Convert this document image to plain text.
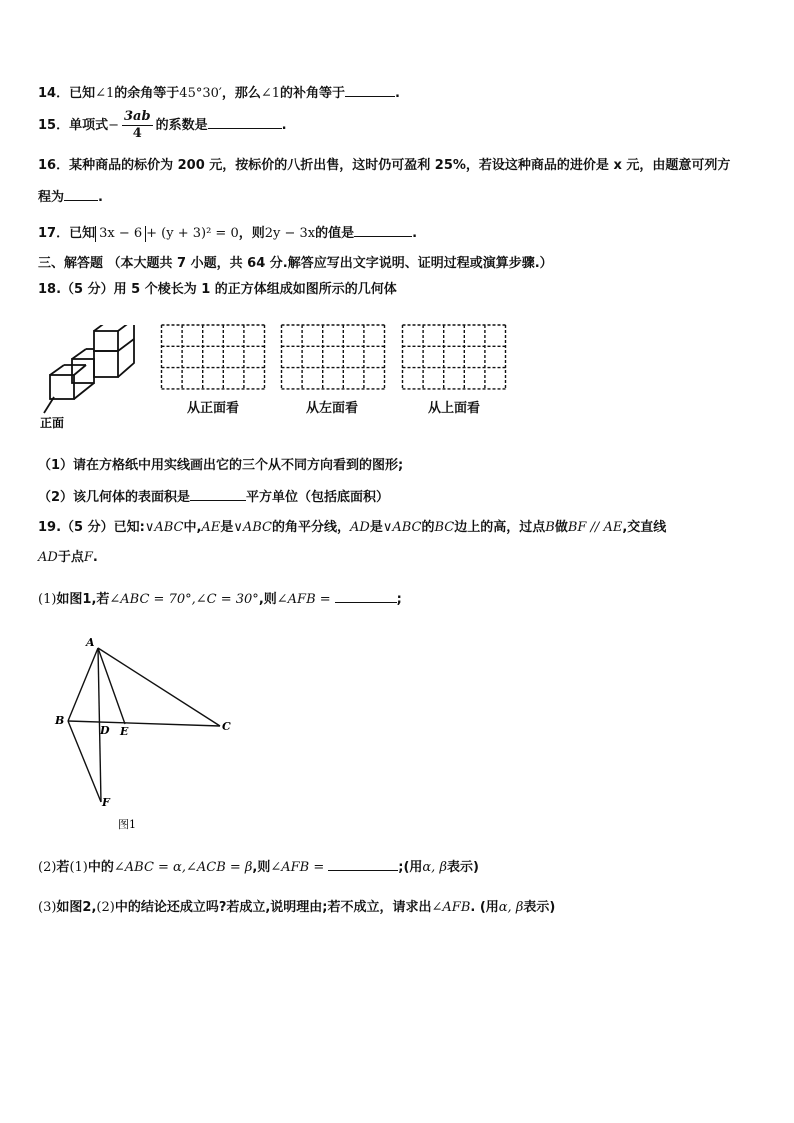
14．已知∠1的余角等于45°30′，那么∠1的补角等于	.
15．单项式− $\frac{3ab}{4}$ 的系数是	.
16．某种商品的标价为 200 元，按标价的八折出售，这时仍可盈利 25%，若设这种商品的进价是 x 元，由题意可列方
程为	.
17．已知 3x − 6 + (y + 3)² = 0，则2y − 3x的值是	.
三、解答题 （本大题共 7 小题，共 64 分.解答应写出文字说明、证明过程或演算步骤.）
18.（5 分）用 5 个棱长为 1 的正方体组成如图所示的几何体
正面
从正面看	从左面看	从上面看
（1）请在方格纸中用实线画出它的三个从不同方向看到的图形;
（2）该几何体的表面积是	平方单位（包括底面积）
19.（5 分）已知:∨ABC中,AE是∨ABC的角平分线，AD是∨ABC的BC边上的高，过点B做BF // AE,交直线
AD于点F.
(1)如图1,若∠ABC = 70°,∠C = 30°,则∠AFB =	;
A
B	C
D E
F
图1
(2)若(1)中的∠ABC = α,∠ACB = β,则∠AFB =	;(用α, β表示)
(3)如图2,(2)中的结论还成立吗?若成立,说明理由;若不成立，请求出∠AFB. (用α, β表示)
